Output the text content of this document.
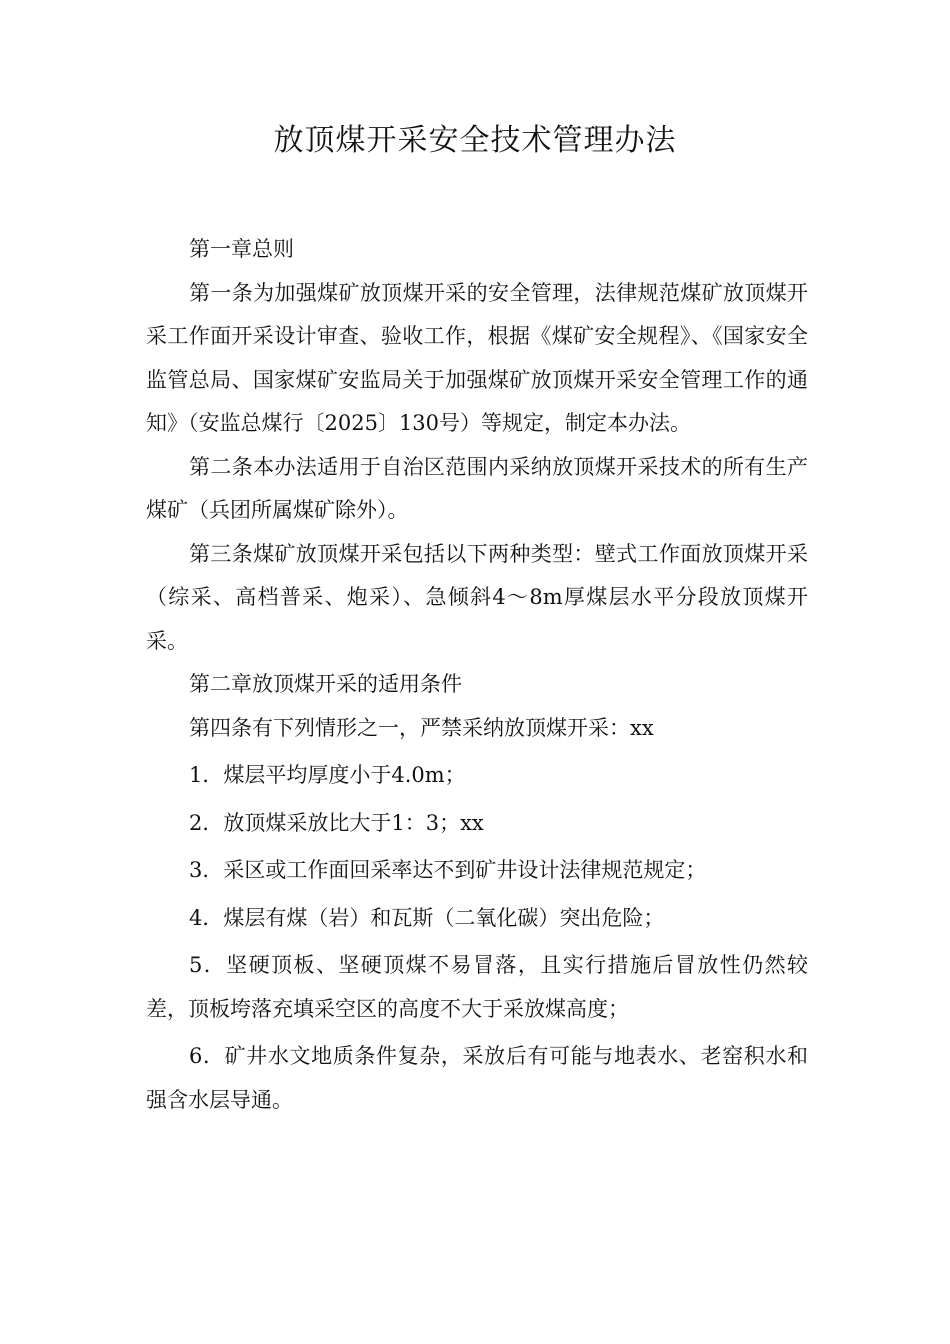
放顶煤开采安全技术管理办法

第一章总则

第一条为加强煤矿放顶煤开采的安全管理，法律规范煤矿放顶煤开采工作面开采设计审查、验收工作，根据《煤矿安全规程》、《国家安全监管总局、国家煤矿安监局关于加强煤矿放顶煤开采安全管理工作的通知》（安监总煤行〔2025〕130号）等规定，制定本办法。

第二条本办法适用于自治区范围内采纳放顶煤开采技术的所有生产煤矿（兵团所属煤矿除外）。

第三条煤矿放顶煤开采包括以下两种类型：壁式工作面放顶煤开采（综采、高档普采、炮采）、急倾斜4～8m厚煤层水平分段放顶煤开采。

第二章放顶煤开采的适用条件

第四条有下列情形之一，严禁采纳放顶煤开采：xx

1．煤层平均厚度小于4.0m；

2．放顶煤采放比大于1：3；xx

3．采区或工作面回采率达不到矿井设计法律规范规定；

4．煤层有煤（岩）和瓦斯（二氧化碳）突出危险；

5．坚硬顶板、坚硬顶煤不易冒落，且实行措施后冒放性仍然较差，顶板垮落充填采空区的高度不大于采放煤高度；

6．矿井水文地质条件复杂，采放后有可能与地表水、老窑积水和强含水层导通。
